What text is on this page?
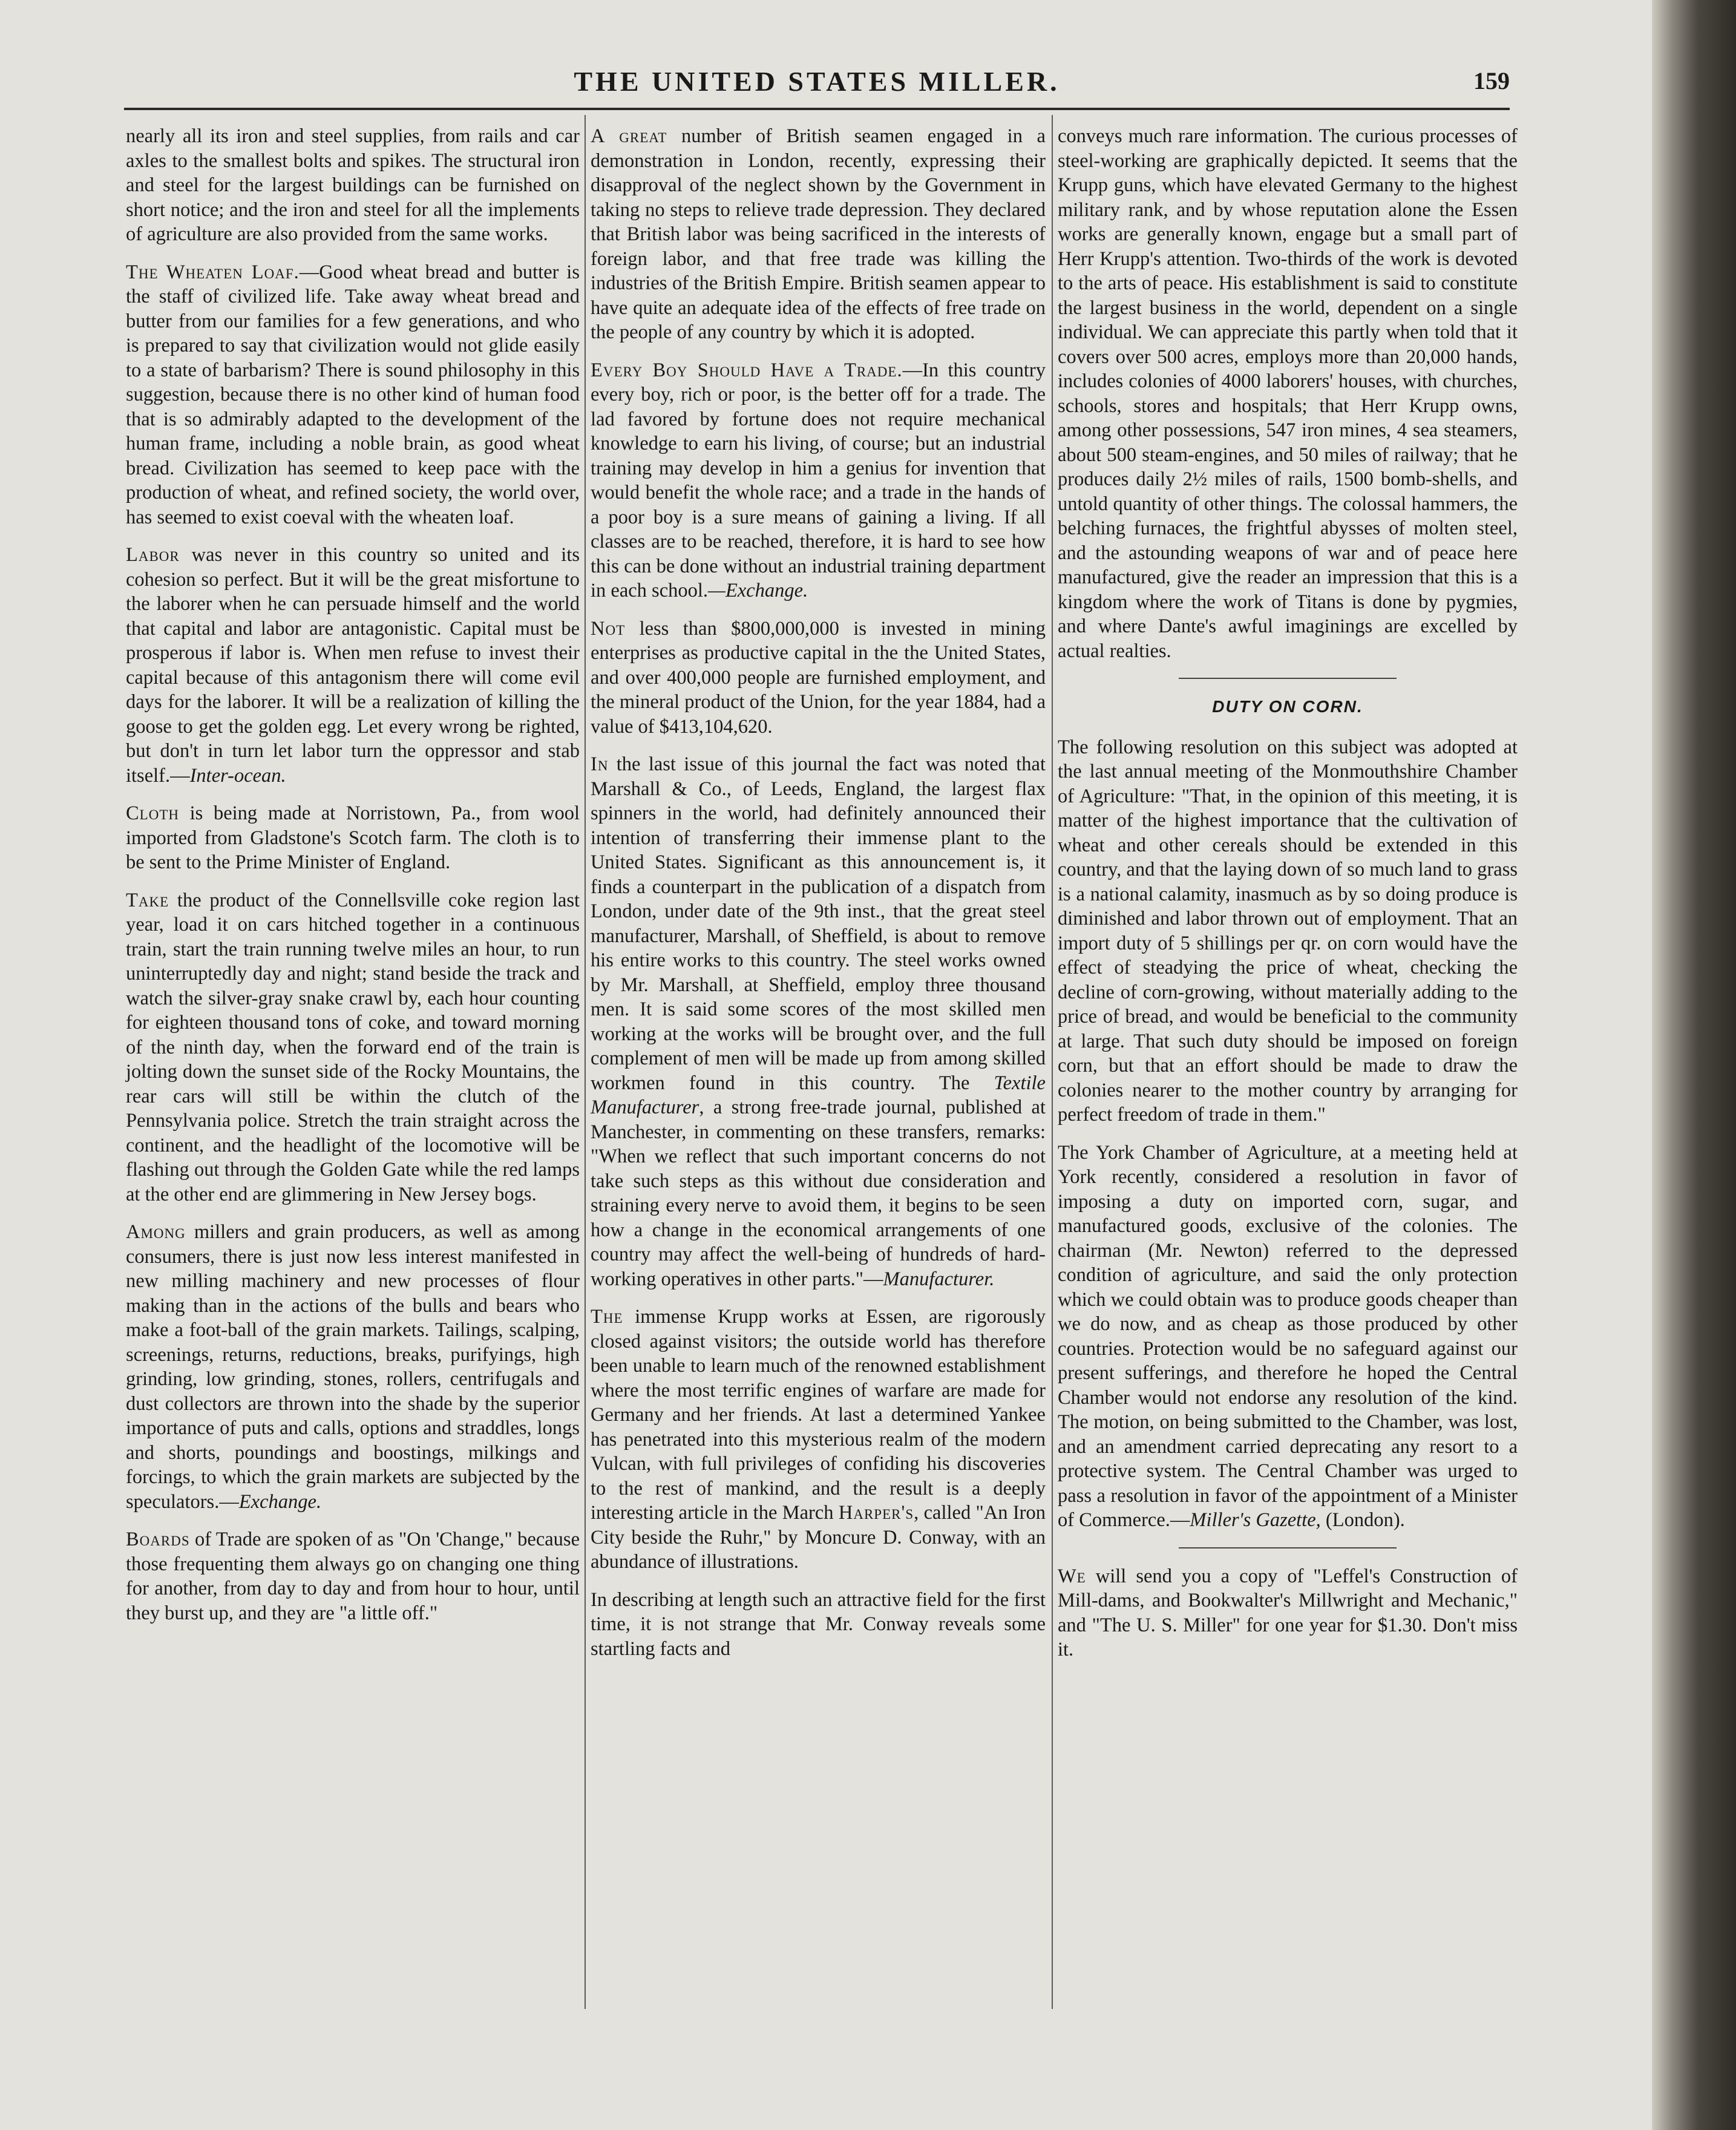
THE UNITED STATES MILLER.	159

nearly all its iron and steel supplies, from rails and car axles to the smallest bolts and spikes. The structural iron and steel for the largest buildings can be furnished on short notice; and the iron and steel for all the implements of agriculture are also provided from the same works.

The Wheaten Loaf.—Good wheat bread and butter is the staff of civilized life. Take away wheat bread and butter from our families for a few generations, and who is prepared to say that civilization would not glide easily to a state of barbarism? There is sound philosophy in this suggestion, because there is no other kind of human food that is so admirably adapted to the development of the human frame, including a noble brain, as good wheat bread. Civilization has seemed to keep pace with the production of wheat, and refined society, the world over, has seemed to exist coeval with the wheaten loaf.

Labor was never in this country so united and its cohesion so perfect. But it will be the great misfortune to the laborer when he can persuade himself and the world that capital and labor are antagonistic. Capital must be prosperous if labor is. When men refuse to invest their capital because of this antagonism there will come evil days for the laborer. It will be a realization of killing the goose to get the golden egg. Let every wrong be righted, but don't in turn let labor turn the oppressor and stab itself.—Inter-ocean.

Cloth is being made at Norristown, Pa., from wool imported from Gladstone's Scotch farm. The cloth is to be sent to the Prime Minister of England.

Take the product of the Connellsville coke region last year, load it on cars hitched together in a continuous train, start the train running twelve miles an hour, to run uninterruptedly day and night; stand beside the track and watch the silver-gray snake crawl by, each hour counting for eighteen thousand tons of coke, and toward morning of the ninth day, when the forward end of the train is jolting down the sunset side of the Rocky Mountains, the rear cars will still be within the clutch of the Pennsylvania police. Stretch the train straight across the continent, and the headlight of the locomotive will be flashing out through the Golden Gate while the red lamps at the other end are glimmering in New Jersey bogs.

Among millers and grain producers, as well as among consumers, there is just now less interest manifested in new milling machinery and new processes of flour making than in the actions of the bulls and bears who make a foot-ball of the grain markets. Tailings, scalping, screenings, returns, reductions, breaks, purifyings, high grinding, low grinding, stones, rollers, centrifugals and dust collectors are thrown into the shade by the superior importance of puts and calls, options and straddles, longs and shorts, poundings and boostings, milkings and forcings, to which the grain markets are subjected by the speculators.—Exchange.

Boards of Trade are spoken of as "On 'Change," because those frequenting them always go on changing one thing for another, from day to day and from hour to hour, until they burst up, and they are "a little off."

A great number of British seamen engaged in a demonstration in London, recently, expressing their disapproval of the neglect shown by the Government in taking no steps to relieve trade depression. They declared that British labor was being sacrificed in the interests of foreign labor, and that free trade was killing the industries of the British Empire. British seamen appear to have quite an adequate idea of the effects of free trade on the people of any country by which it is adopted.

Every Boy Should Have a Trade.—In this country every boy, rich or poor, is the better off for a trade. The lad favored by fortune does not require mechanical knowledge to earn his living, of course; but an industrial training may develop in him a genius for invention that would benefit the whole race; and a trade in the hands of a poor boy is a sure means of gaining a living. If all classes are to be reached, therefore, it is hard to see how this can be done without an industrial training department in each school.—Exchange.

Not less than $800,000,000 is invested in mining enterprises as productive capital in the the United States, and over 400,000 people are furnished employment, and the mineral product of the Union, for the year 1884, had a value of $413,104,620.

In the last issue of this journal the fact was noted that Marshall & Co., of Leeds, England, the largest flax spinners in the world, had definitely announced their intention of transferring their immense plant to the United States. Significant as this announcement is, it finds a counterpart in the publication of a dispatch from London, under date of the 9th inst., that the great steel manufacturer, Marshall, of Sheffield, is about to remove his entire works to this country. The steel works owned by Mr. Marshall, at Sheffield, employ three thousand men. It is said some scores of the most skilled men working at the works will be brought over, and the full complement of men will be made up from among skilled workmen found in this country. The Textile Manufacturer, a strong free-trade journal, published at Manchester, in commenting on these transfers, remarks: "When we reflect that such important concerns do not take such steps as this without due consideration and straining every nerve to avoid them, it begins to be seen how a change in the economical arrangements of one country may affect the well-being of hundreds of hard-working operatives in other parts."—Manufacturer.

The immense Krupp works at Essen, are rigorously closed against visitors; the outside world has therefore been unable to learn much of the renowned establishment where the most terrific engines of warfare are made for Germany and her friends. At last a determined Yankee has penetrated into this mysterious realm of the modern Vulcan, with full privileges of confiding his discoveries to the rest of mankind, and the result is a deeply interesting article in the March Harper's, called "An Iron City beside the Ruhr," by Moncure D. Conway, with an abundance of illustrations.

In describing at length such an attractive field for the first time, it is not strange that Mr. Conway reveals some startling facts and

conveys much rare information. The curious processes of steel-working are graphically depicted. It seems that the Krupp guns, which have elevated Germany to the highest military rank, and by whose reputation alone the Essen works are generally known, engage but a small part of Herr Krupp's attention. Two-thirds of the work is devoted to the arts of peace. His establishment is said to constitute the largest business in the world, dependent on a single individual. We can appreciate this partly when told that it covers over 500 acres, employs more than 20,000 hands, includes colonies of 4000 laborers' houses, with churches, schools, stores and hospitals; that Herr Krupp owns, among other possessions, 547 iron mines, 4 sea steamers, about 500 steam-engines, and 50 miles of railway; that he produces daily 2½ miles of rails, 1500 bomb-shells, and untold quantity of other things. The colossal hammers, the belching furnaces, the frightful abysses of molten steel, and the astounding weapons of war and of peace here manufactured, give the reader an impression that this is a kingdom where the work of Titans is done by pygmies, and where Dante's awful imaginings are excelled by actual realties.

DUTY ON CORN.

The following resolution on this subject was adopted at the last annual meeting of the Monmouthshire Chamber of Agriculture: "That, in the opinion of this meeting, it is matter of the highest importance that the cultivation of wheat and other cereals should be extended in this country, and that the laying down of so much land to grass is a national calamity, inasmuch as by so doing produce is diminished and labor thrown out of employment. That an import duty of 5 shillings per qr. on corn would have the effect of steadying the price of wheat, checking the decline of corn-growing, without materially adding to the price of bread, and would be beneficial to the community at large. That such duty should be imposed on foreign corn, but that an effort should be made to draw the colonies nearer to the mother country by arranging for perfect freedom of trade in them."

The York Chamber of Agriculture, at a meeting held at York recently, considered a resolution in favor of imposing a duty on imported corn, sugar, and manufactured goods, exclusive of the colonies. The chairman (Mr. Newton) referred to the depressed condition of agriculture, and said the only protection which we could obtain was to produce goods cheaper than we do now, and as cheap as those produced by other countries. Protection would be no safeguard against our present sufferings, and therefore he hoped the Central Chamber would not endorse any resolution of the kind. The motion, on being submitted to the Chamber, was lost, and an amendment carried deprecating any resort to a protective system. The Central Chamber was urged to pass a resolution in favor of the appointment of a Minister of Commerce.—Miller's Gazette, (London).

We will send you a copy of "Leffel's Construction of Mill-dams, and Bookwalter's Millwright and Mechanic," and "The U. S. Miller" for one year for $1.30. Don't miss it.
